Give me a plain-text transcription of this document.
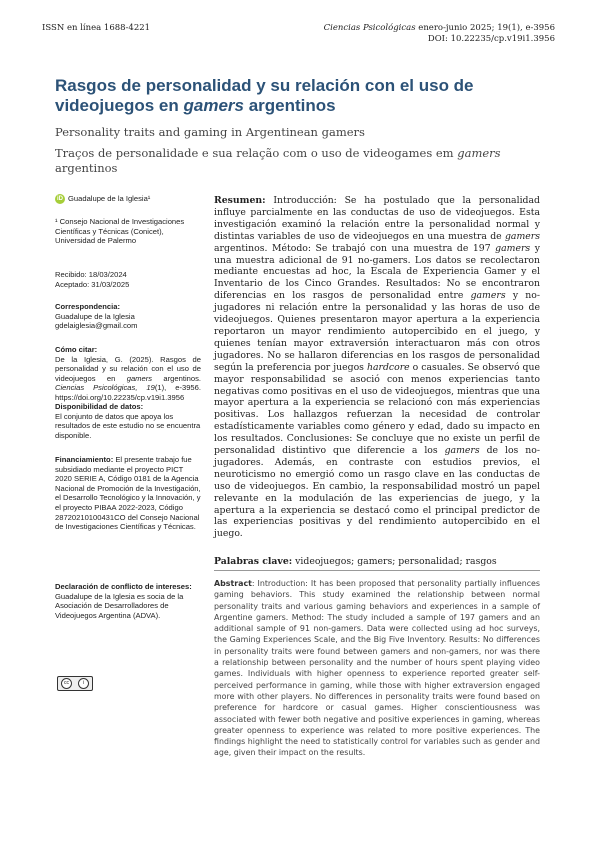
ISSN en línea 1688-4221	Ciencias Psicológicas enero-junio 2025; 19(1), e-3956
DOI: 10.22235/cp.v19i1.3956
Rasgos de personalidad y su relación con el uso de videojuegos en gamers argentinos
Personality traits and gaming in Argentinean gamers
Traços de personalidade e sua relação com o uso de videogames em gamers argentinos
iD Guadalupe de la Iglesia¹
¹ Consejo Nacional de Investigaciones Científicas y Técnicas (Conicet), Universidad de Palermo
Recibido: 18/03/2024
Aceptado: 31/03/2025
Correspondencia:
Guadalupe de la Iglesia
gdelaiglesia@gmail.com
Cómo citar:
De la Iglesia, G. (2025). Rasgos de personalidad y su relación con el uso de videojuegos en gamers argentinos. Ciencias Psicológicas, 19(1), e-3956. https://doi.org/10.22235/cp.v19i1.3956
Disponibilidad de datos:
El conjunto de datos que apoya los resultados de este estudio no se encuentra disponible.
Financiamiento: El presente trabajo fue subsidiado mediante el proyecto PICT 2020 SERIE A, Código 0181 de la Agencia Nacional de Promoción de la Investigación, el Desarrollo Tecnológico y la Innovación, y el proyecto PIBAA 2022-2023, Código 28720210100431CO del Consejo Nacional de Investigaciones Científicas y Técnicas.
Declaración de conflicto de intereses: Guadalupe de la Iglesia es socia de la Asociación de Desarrolladores de Videojuegos Argentina (ADVA).
cc	i
Resumen: Introducción: Se ha postulado que la personalidad influye parcialmente en las conductas de uso de videojuegos. Esta investigación examinó la relación entre la personalidad normal y distintas variables de uso de videojuegos en una muestra de gamers argentinos. Método: Se trabajó con una muestra de 197 gamers y una muestra adicional de 91 no-gamers. Los datos se recolectaron mediante encuestas ad hoc, la Escala de Experiencia Gamer y el Inventario de los Cinco Grandes. Resultados: No se encontraron diferencias en los rasgos de personalidad entre gamers y no-jugadores ni relación entre la personalidad y las horas de uso de videojuegos. Quienes presentaron mayor apertura a la experiencia reportaron un mayor rendimiento autopercibido en el juego, y quienes tenían mayor extraversión interactuaron más con otros jugadores. No se hallaron diferencias en los rasgos de personalidad según la preferencia por juegos hardcore o casuales. Se observó que mayor responsabilidad se asoció con menos experiencias tanto negativas como positivas en el uso de videojuegos, mientras que una mayor apertura a la experiencia se relacionó con más experiencias positivas. Los hallazgos refuerzan la necesidad de controlar estadísticamente variables como género y edad, dado su impacto en los resultados. Conclusiones: Se concluye que no existe un perfil de personalidad distintivo que diferencie a los gamers de los no-jugadores. Además, en contraste con estudios previos, el neuroticismo no emergió como un rasgo clave en las conductas de uso de videojuegos. En cambio, la responsabilidad mostró un papel relevante en la modulación de las experiencias de juego, y la apertura a la experiencia se destacó como el principal predictor de las experiencias positivas y del rendimiento autopercibido en el juego.
Palabras clave: videojuegos; gamers; personalidad; rasgos
Abstract: Introduction: It has been proposed that personality partially influences gaming behaviors. This study examined the relationship between normal personality traits and various gaming behaviors and experiences in a sample of Argentine gamers. Method: The study included a sample of 197 gamers and an additional sample of 91 non-gamers. Data were collected using ad hoc surveys, the Gaming Experiences Scale, and the Big Five Inventory. Results: No differences in personality traits were found between gamers and non-gamers, nor was there a relationship between personality and the number of hours spent playing video games. Individuals with higher openness to experience reported greater self-perceived performance in gaming, while those with higher extraversion engaged more with other players. No differences in personality traits were found based on preference for hardcore or casual games. Higher conscientiousness was associated with fewer both negative and positive experiences in gaming, whereas greater openness to experience was related to more positive experiences. The findings highlight the need to statistically control for variables such as gender and age, given their impact on the results.
